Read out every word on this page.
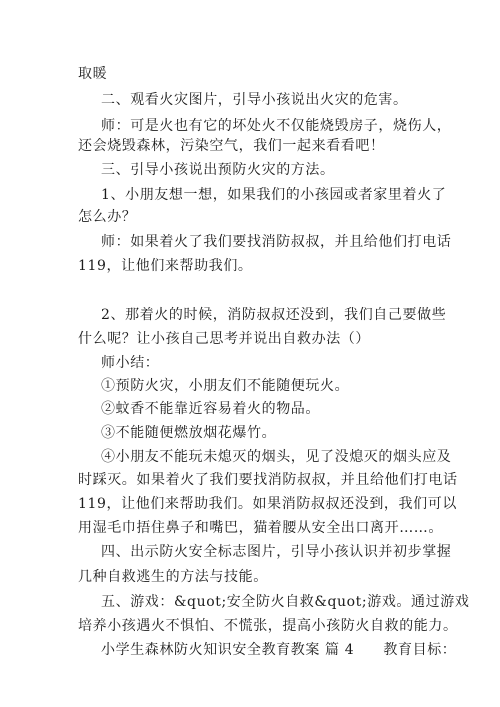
取暖
二、观看火灾图片，引导小孩说出火灾的危害。
师：可是火也有它的坏处火不仅能烧毁房子，烧伤人，
还会烧毁森林，污染空气，我们一起来看看吧！
三、引导小孩说出预防火灾的方法。
1、小朋友想一想，如果我们的小孩园或者家里着火了
怎么办？
师：如果着火了我们要找消防叔叔，并且给他们打电话
119，让他们来帮助我们。
2、那着火的时候，消防叔叔还没到，我们自己要做些
什么呢？让小孩自己思考并说出自救办法（）
师小结：
①预防火灾，小朋友们不能随便玩火。
②蚊香不能靠近容易着火的物品。
③不能随便燃放烟花爆竹。
④小朋友不能玩未熄灭的烟头，见了没熄灭的烟头应及
时踩灭。如果着火了我们要找消防叔叔，并且给他们打电话
119，让他们来帮助我们。如果消防叔叔还没到，我们可以
用湿毛巾捂住鼻子和嘴巴，猫着腰从安全出口离开……。
四、出示防火安全标志图片，引导小孩认识并初步掌握
几种自救逃生的方法与技能。
五、游戏：&quot;安全防火自救&quot;游戏。通过游戏
培养小孩遇火不惧怕、不慌张，提高小孩防火自救的能力。
小学生森林防火知识安全教育教案 篇 4　　教育目标：
